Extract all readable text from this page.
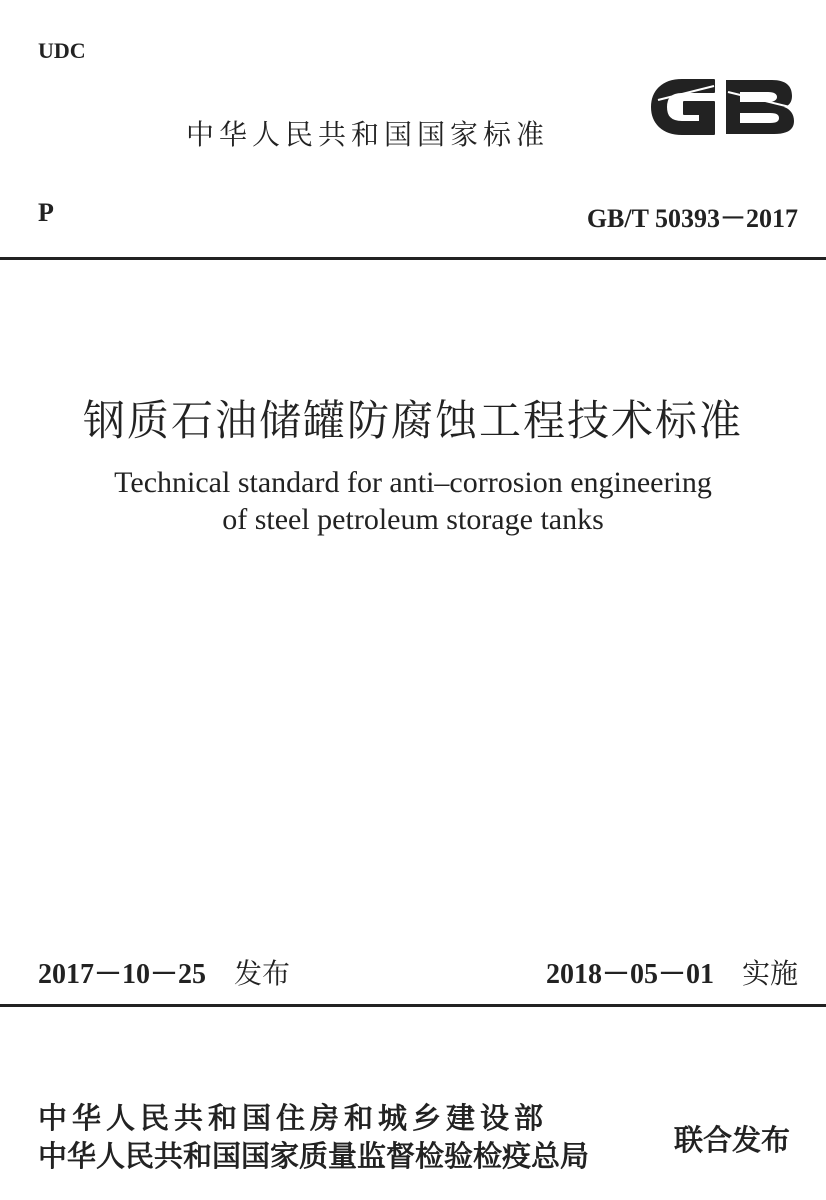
UDC
中华人民共和国国家标准
P	GB/T 50393－2017
钢质石油储罐防腐蚀工程技术标准
Technical standard for anti–corrosion engineering
of steel petroleum storage tanks
2017－10－25 发布	2018－05－01 实施
中华人民共和国住房和城乡建设部
中华人民共和国国家质量监督检验检疫总局	联合发布
